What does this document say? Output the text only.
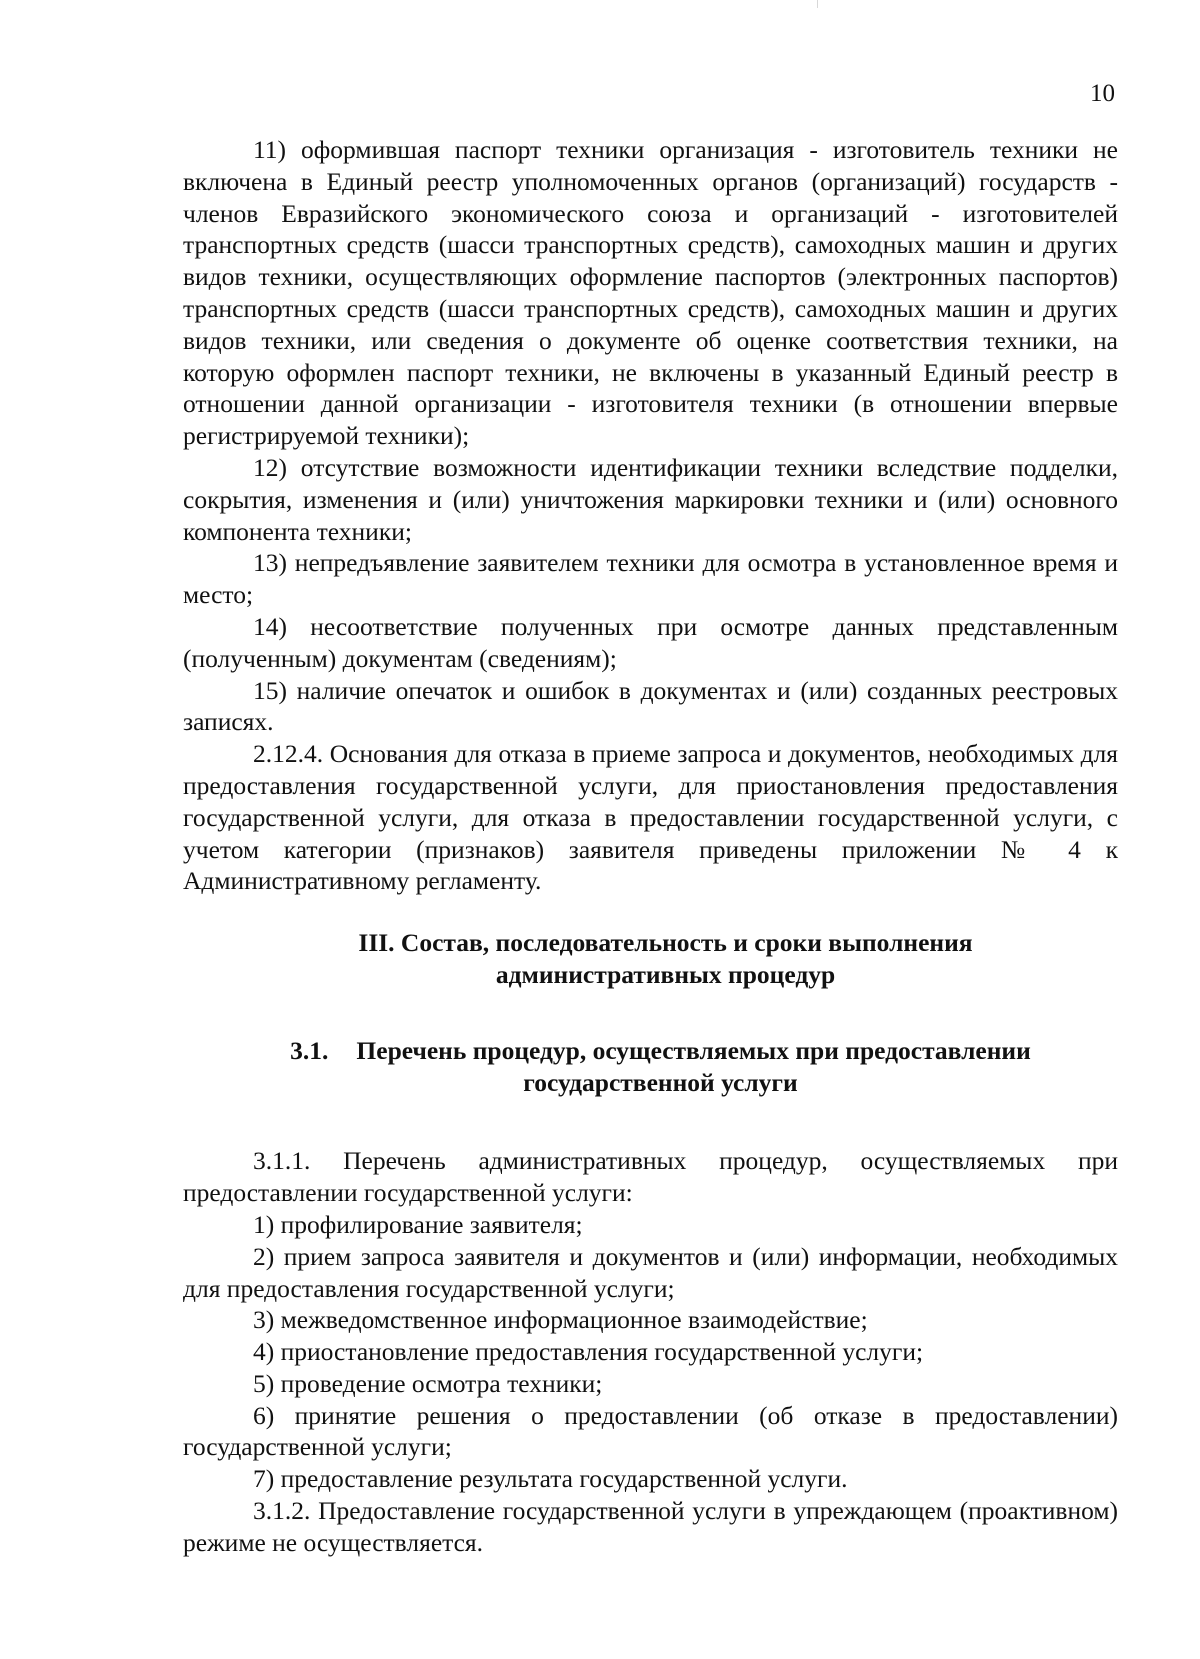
10

11) оформившая паспорт техники организация - изготовитель техники не включена в Единый реестр уполномоченных органов (организаций) государств - членов Евразийского экономического союза и организаций - изготовителей транспортных средств (шасси транспортных средств), самоходных машин и других видов техники, осуществляющих оформление паспортов (электронных паспортов) транспортных средств (шасси транспортных средств), самоходных машин и других видов техники, или сведения о документе об оценке соответствия техники, на которую оформлен паспорт техники, не включены в указанный Единый реестр в отношении данной организации - изготовителя техники (в отношении впервые регистрируемой техники);

12) отсутствие возможности идентификации техники вследствие подделки, сокрытия, изменения и (или) уничтожения маркировки техники и (или) основного компонента техники;

13) непредъявление заявителем техники для осмотра в установленное время и место;

14) несоответствие полученных при осмотре данных представленным (полученным) документам (сведениям);

15) наличие опечаток и ошибок в документах и (или) созданных реестровых записях.

2.12.4. Основания для отказа в приеме запроса и документов, необходимых для предоставления государственной услуги, для приостановления предоставления государственной услуги, для отказа в предоставлении государственной услуги, с учетом категории (признаков) заявителя приведены приложении № 4 к Административному регламенту.

III. Состав, последовательность и сроки выполнения
административных процедур
3.1. Перечень процедур, осуществляемых при предоставлении
государственной услуги

3.1.1. Перечень административных процедур, осуществляемых при предоставлении государственной услуги:

1) профилирование заявителя;

2) прием запроса заявителя и документов и (или) информации, необходимых для предоставления государственной услуги;

3) межведомственное информационное взаимодействие;

4) приостановление предоставления государственной услуги;

5) проведение осмотра техники;

6) принятие решения о предоставлении (об отказе в предоставлении) государственной услуги;

7) предоставление результата государственной услуги.

3.1.2. Предоставление государственной услуги в упреждающем (проактивном) режиме не осуществляется.
